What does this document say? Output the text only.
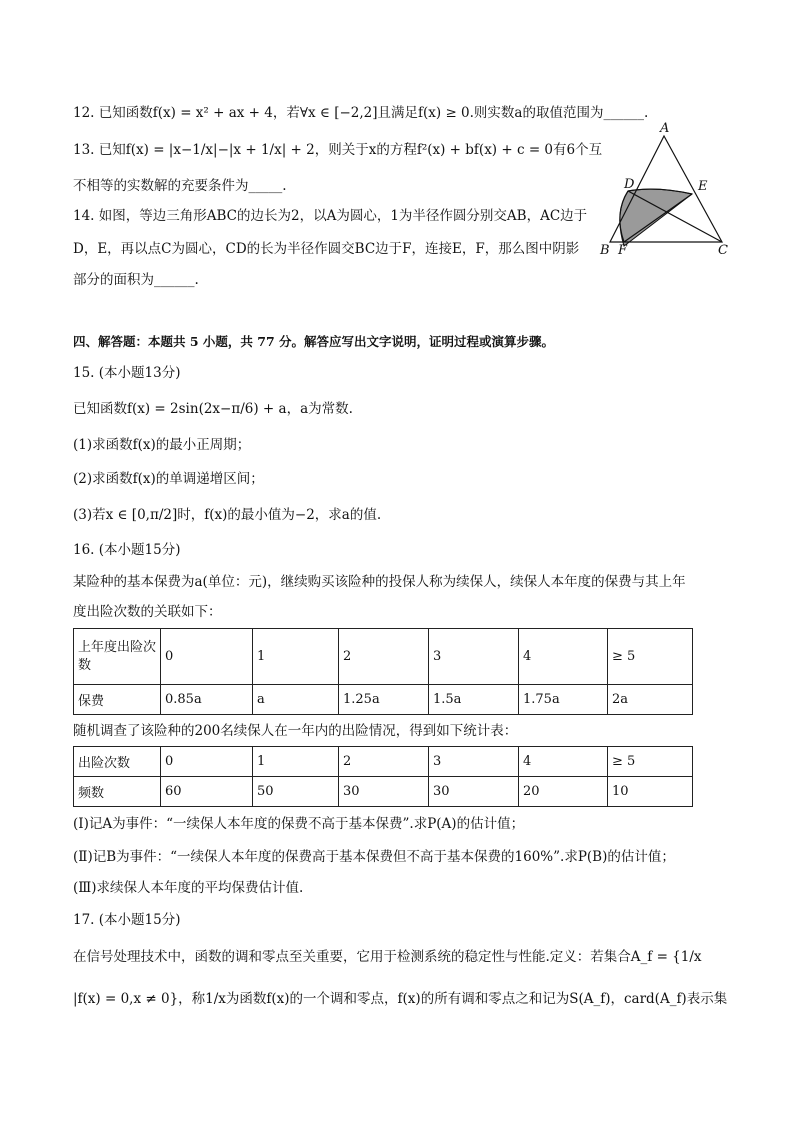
12. 已知函数f(x) = x² + ax + 4，若∀x ∈ [−2,2]且满足f(x) ≥ 0.则实数a的取值范围为______.
13. 已知f(x) = |x−1/x|−|x + 1/x| + 2，则关于x的方程f²(x) + bf(x) + c = 0有6个互
不相等的实数解的充要条件为_____.
14. 如图，等边三角形ABC的边长为2，以A为圆心，1为半径作圆分别交AB，AC边于
D，E，再以点C为圆心，CD的长为半径作圆交BC边于F，连接E，F，那么图中阴影
部分的面积为______.
A
D	E
B F	C
四、解答题：本题共 5 小题，共 77 分。解答应写出文字说明，证明过程或演算步骤。
15. (本小题13分)
已知函数f(x) = 2sin(2x−π/6) + a，a为常数.
(1)求函数f(x)的最小正周期；
(2)求函数f(x)的单调递增区间；
(3)若x ∈ [0,π/2]时，f(x)的最小值为−2，求a的值.
16. (本小题15分)
某险种的基本保费为a(单位：元)，继续购买该险种的投保人称为续保人，续保人本年度的保费与其上年
度出险次数的关联如下：
上年度出险次数	0	1	2	3	4	≥ 5
保费	0.85a	a	1.25a	1.5a	1.75a	2a
随机调查了该险种的200名续保人在一年内的出险情况，得到如下统计表：
出险次数	0	1	2	3	4	≥ 5
频数	60	50	30	30	20	10
(Ⅰ)记A为事件：“一续保人本年度的保费不高于基本保费”.求P(A)的估计值；
(Ⅱ)记B为事件：“一续保人本年度的保费高于基本保费但不高于基本保费的160%”.求P(B)的估计值；
(Ⅲ)求续保人本年度的平均保费估计值.
17. (本小题15分)
在信号处理技术中，函数的调和零点至关重要，它用于检测系统的稳定性与性能.定义：若集合A_f = {1/x
|f(x) = 0,x ≠ 0}，称1/x为函数f(x)的一个调和零点，f(x)的所有调和零点之和记为S(A_f)，card(A_f)表示集
